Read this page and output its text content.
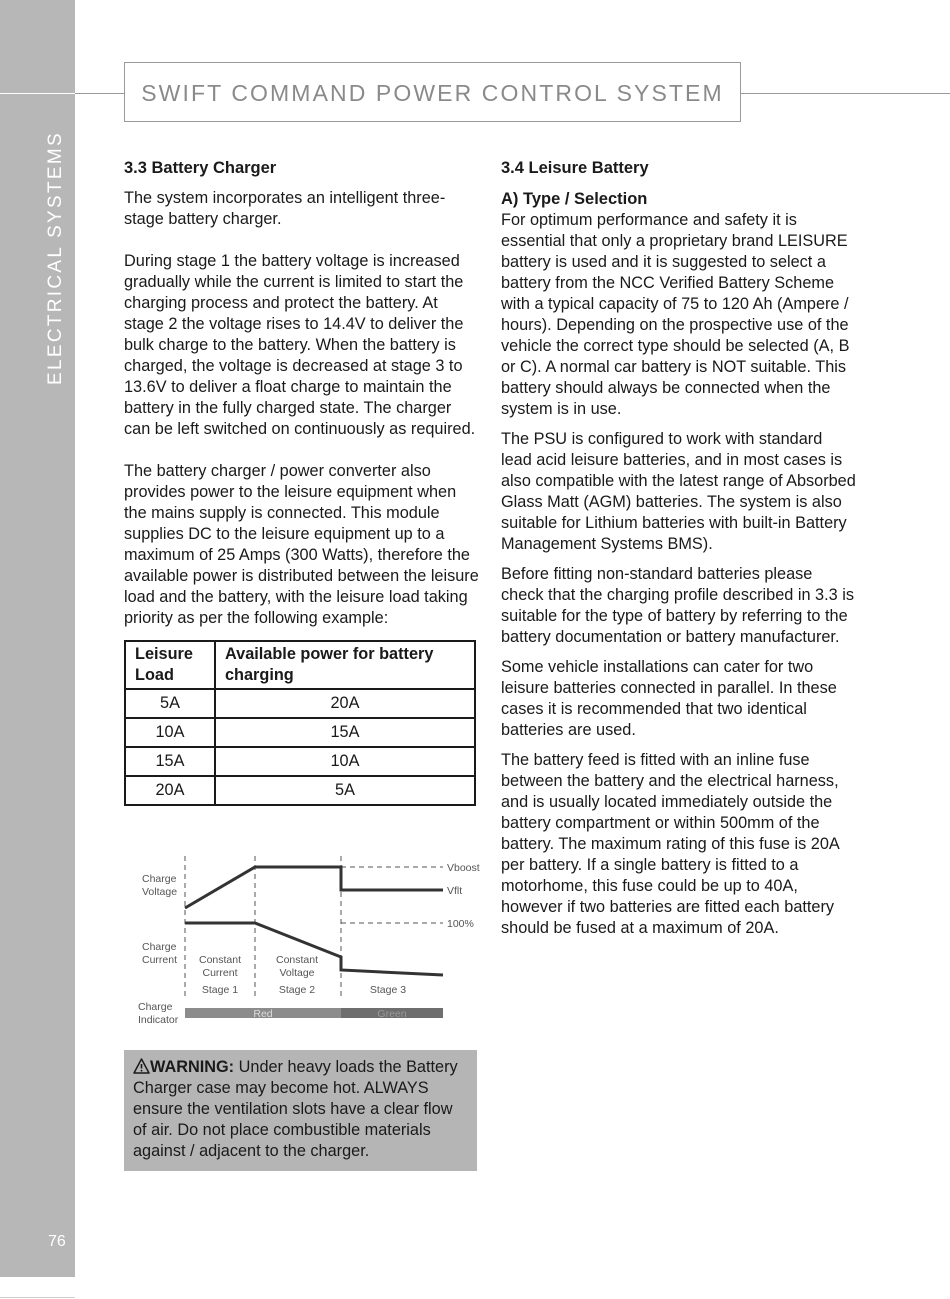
ELECTRICAL SYSTEMS
76
SWIFT COMMAND POWER CONTROL SYSTEM
3.3 Battery Charger

The system incorporates an intelligent three-stage battery charger.

During stage 1 the battery voltage is increased gradually while the current is limited to start the charging process and protect the battery. At stage 2 the voltage rises to 14.4V to deliver the bulk charge to the battery. When the battery is charged, the voltage is decreased at stage 3 to 13.6V to deliver a float charge to maintain the battery in the fully charged state. The charger can be left switched on continuously as required.

The battery charger / power converter also provides power to the leisure equipment when the mains supply is connected. This module supplies DC to the leisure equipment up to a maximum of 25 Amps (300 Watts), therefore the available power is distributed between the leisure load and the battery, with the leisure load taking priority as per the following example:

Leisure Load	Available power for battery charging
5A	20A
10A	15A
15A	10A
20A	5A
Charge
Voltage
Charge
Current
Charge
Indicator
Vboost
Vflt
100%
Constant
Current
Constant
Voltage
Stage 1	Stage 2	Stage 3
Red	Green
WARNING: Under heavy loads the Battery Charger case may become hot. ALWAYS ensure the ventilation slots have a clear flow of air. Do not place combustible materials against / adjacent to the charger.
3.4 Leisure Battery
A) Type / Selection

For optimum performance and safety it is essential that only a proprietary brand LEISURE battery is used and it is suggested to select a battery from the NCC Verified Battery Scheme with a typical capacity of 75 to 120 Ah (Ampere / hours). Depending on the prospective use of the vehicle the correct type should be selected (A, B or C). A normal car battery is NOT suitable. This battery should always be connected when the system is in use.

The PSU is configured to work with standard lead acid leisure batteries, and in most cases is also compatible with the latest range of Absorbed Glass Matt (AGM) batteries. The system is also suitable for Lithium batteries with built-in Battery Management Systems BMS).

Before fitting non-standard batteries please check that the charging profile described in 3.3 is suitable for the type of battery by referring to the battery documentation or battery manufacturer.

Some vehicle installations can cater for two leisure batteries connected in parallel. In these cases it is recommended that two identical batteries are used.

The battery feed is fitted with an inline fuse between the battery and the electrical harness, and is usually located immediately outside the battery compartment or within 500mm of the battery. The maximum rating of this fuse is 20A per battery. If a single battery is fitted to a motorhome, this fuse could be up to 40A, however if two batteries are fitted each battery should be fused at a maximum of 20A.
